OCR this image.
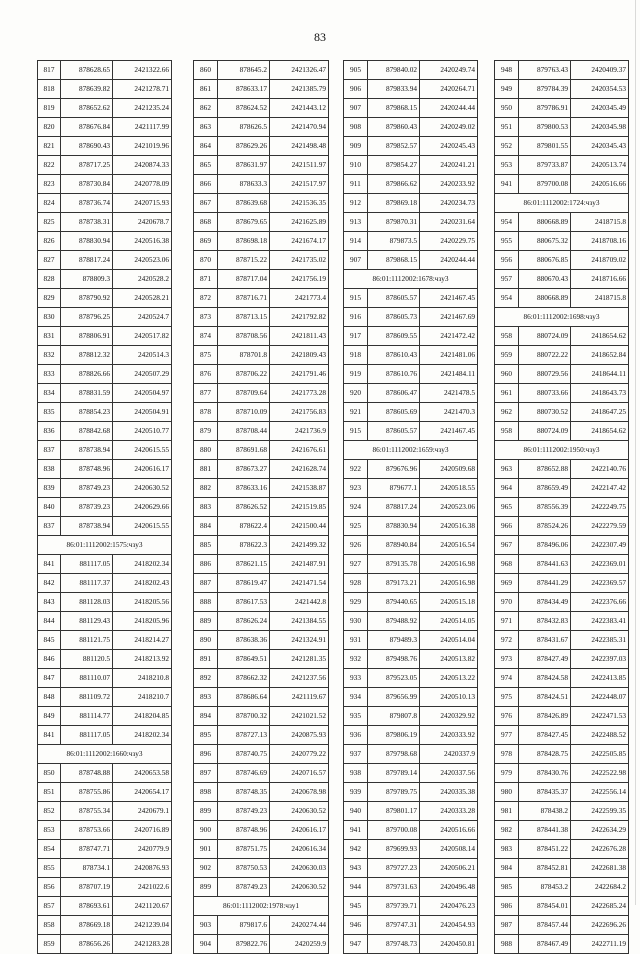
83
817	878628.65	2421322.66
818	878639.82	2421278.71
819	878652.62	2421235.24
820	878676.84	2421117.99
821	878690.43	2421019.96
822	878717.25	2420874.33
823	878730.84	2420778.09
824	878736.74	2420715.93
825	878738.31	2420678.7
826	878830.94	2420516.38
827	878817.24	2420523.06
828	878809.3	2420528.2
829	878790.92	2420528.21
830	878796.25	2420524.7
831	878806.91	2420517.82
832	878812.32	2420514.3
833	878826.66	2420507.29
834	878831.59	2420504.97
835	878854.23	2420504.91
836	878842.68	2420510.77
837	878738.94	2420615.55
838	878748.96	2420616.17
839	878749.23	2420630.52
840	878739.23	2420629.66
837	878738.94	2420615.55
86:01:1112002:1575:чзу3		
841	881117.05	2418202.34
842	881117.37	2418202.43
843	881128.03	2418205.56
844	881129.43	2418205.96
845	881121.75	2418214.27
846	881120.5	2418213.92
847	881110.07	2418210.8
848	881109.72	2418210.7
849	881114.77	2418204.85
841	881117.05	2418202.34
86:01:1112002:1660:чзу3		
850	878748.88	2420653.58
851	878755.86	2420654.17
852	878755.34	2420679.1
853	878753.66	2420716.89
854	878747.71	2420779.9
855	878734.1	2420876.93
856	878707.19	2421022.6
857	878693.61	2421120.67
858	878669.18	2421239.04
859	878656.26	2421283.28
860	878645.2	2421326.47
861	878633.17	2421385.79
862	878624.52	2421443.12
863	878626.5	2421470.94
864	878629.26	2421498.48
865	878631.97	2421511.97
866	878633.3	2421517.97
867	878639.68	2421536.35
868	878679.65	2421625.89
869	878698.18	2421674.17
870	878715.22	2421735.02
871	878717.04	2421756.19
872	878716.71	2421773.4
873	878713.15	2421792.82
874	878708.56	2421811.43
875	878701.8	2421809.43
876	878706.22	2421791.46
877	878709.64	2421773.28
878	878710.09	2421756.83
879	878708.44	2421736.9
880	878691.68	2421676.61
881	878673.27	2421628.74
882	878633.16	2421538.87
883	878626.52	2421519.85
884	878622.4	2421500.44
885	878622.3	2421499.32
886	878621.15	2421487.91
887	878619.47	2421471.54
888	878617.53	2421442.8
889	878626.24	2421384.55
890	878638.36	2421324.91
891	878649.51	2421281.35
892	878662.32	2421237.56
893	878686.64	2421119.67
894	878700.32	2421021.52
895	878727.13	2420875.93
896	878740.75	2420779.22
897	878746.69	2420716.57
898	878748.35	2420678.98
899	878749.23	2420630.52
900	878748.96	2420616.17
901	878751.75	2420616.34
902	878750.53	2420630.03
899	878749.23	2420630.52
86:01:1112002:1978:чзу1		
903	879817.6	2420274.44
904	879822.76	2420259.9
905	879840.02	2420249.74
906	879833.94	2420264.71
907	879868.15	2420244.44
908	879860.43	2420249.02
909	879852.57	2420245.43
910	879854.27	2420241.21
911	879866.62	2420233.92
912	879869.18	2420234.73
913	879870.31	2420231.64
914	879873.5	2420229.75
907	879868.15	2420244.44
86:01:1112002:1678:чзу3		
915	878605.57	2421467.45
916	878605.73	2421467.69
917	878609.55	2421472.42
918	878610.43	2421481.06
919	878610.76	2421484.11
920	878606.47	2421478.5
921	878605.69	2421470.3
915	878605.57	2421467.45
86:01:1112002:1659:чзу3		
922	879676.96	2420509.68
923	879677.1	2420518.55
924	878817.24	2420523.06
925	878830.94	2420516.38
926	878940.84	2420516.54
927	879135.78	2420516.98
928	879173.21	2420516.98
929	879440.65	2420515.18
930	879488.92	2420514.05
931	879489.3	2420514.04
932	879498.76	2420513.82
933	879523.05	2420513.22
934	879656.99	2420510.13
935	879807.8	2420329.92
936	879806.19	2420333.92
937	879798.68	2420337.9
938	879789.14	2420337.56
939	879789.75	2420335.38
940	879801.17	2420333.28
941	879700.08	2420516.66
942	879699.93	2420508.14
943	879727.23	2420506.21
944	879731.63	2420496.48
945	879739.71	2420476.23
946	879747.31	2420454.93
947	879748.73	2420450.81
948	879763.43	2420409.37
949	879784.39	2420354.53
950	879786.91	2420345.49
951	879800.53	2420345.98
952	879801.55	2420345.43
953	879733.87	2420513.74
941	879700.08	2420516.66
86:01:1112002:1724:чзу3		
954	880668.89	2418715.8
955	880675.32	2418708.16
956	880676.85	2418709.02
957	880670.43	2418716.66
954	880668.89	2418715.8
86:01:1112002:1698:чзу3		
958	880724.09	2418654.62
959	880722.22	2418652.84
960	880729.56	2418644.11
961	880733.66	2418643.73
962	880730.52	2418647.25
958	880724.09	2418654.62
86:01:1112002:1950:чзу3		
963	878652.88	2422140.76
964	878659.49	2422147.42
965	878556.39	2422249.75
966	878524.26	2422279.59
967	878496.06	2422307.49
968	878441.63	2422369.01
969	878441.29	2422369.57
970	878434.49	2422376.66
971	878432.83	2422383.41
972	878431.67	2422385.31
973	878427.49	2422397.03
974	878424.58	2422413.85
975	878424.51	2422448.07
976	878426.89	2422471.53
977	878427.45	2422488.52
978	878428.75	2422505.85
979	878430.76	2422522.98
980	878435.37	2422556.14
981	878438.2	2422599.35
982	878441.38	2422634.29
983	878451.22	2422676.28
984	878452.81	2422681.38
985	878453.2	2422684.2
986	878454.01	2422685.24
987	878457.44	2422696.26
988	878467.49	2422711.19
